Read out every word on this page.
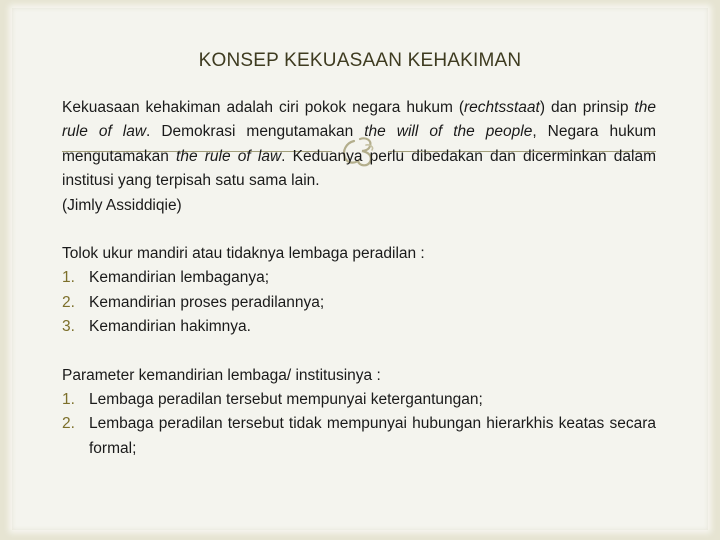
KONSEP KEKUASAAN KEHAKIMAN

Kekuasaan kehakiman adalah ciri pokok negara hukum (rechtsstaat) dan prinsip the rule of law. Demokrasi mengutamakan the will of the people, Negara hukum mengutamakan the rule of law. Keduanya perlu dibedakan dan dicerminkan dalam institusi yang terpisah satu sama lain.

(Jimly Assiddiqie)

Tolok ukur mandiri atau tidaknya lembaga peradilan :

1. Kemandirian lembaganya;
2. Kemandirian proses peradilannya;
3. Kemandirian hakimnya.

Parameter kemandirian lembaga/ institusinya :

1. Lembaga peradilan tersebut mempunyai ketergantungan;
2. Lembaga peradilan tersebut tidak mempunyai hubungan hierarkhis keatas secara formal;
